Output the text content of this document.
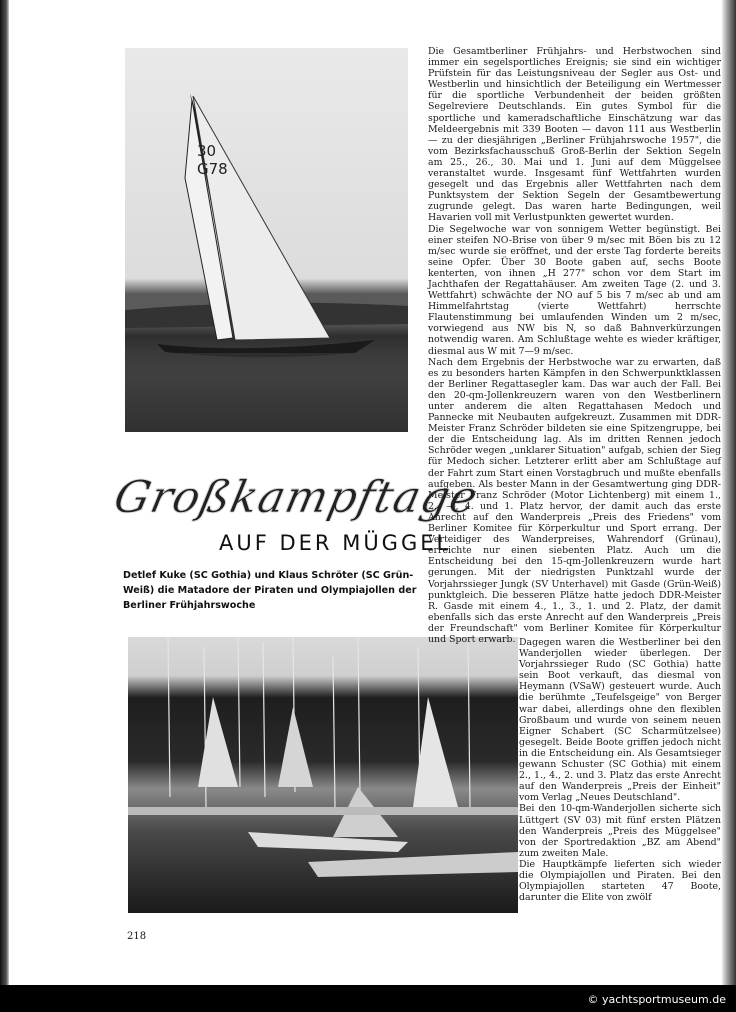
30
G78
Großkampftage
AUF DER MÜGGEL
Detlef Kuke (SC Gothia) und Klaus Schröter (SC Grün-Weiß) die Matadore der Piraten und Olympiajollen der Berliner Frühjahrswoche

Die Gesamtberliner Frühjahrs- und Herbstwochen sind immer ein segelsportliches Ereignis; sie sind ein wichtiger Prüfstein für das Leistungsniveau der Segler aus Ost- und Westberlin und hinsichtlich der Beteiligung ein Wertmesser für die sportliche Verbundenheit der beiden größten Segelreviere Deutschlands. Ein gutes Symbol für die sportliche und kameradschaftliche Einschätzung war das Meldeergebnis mit 339 Booten — davon 111 aus Westberlin — zu der diesjährigen „Berliner Frühjahrswoche 1957", die vom Bezirksfachausschuß Groß-Berlin der Sektion Segeln am 25., 26., 30. Mai und 1. Juni auf dem Müggelsee veranstaltet wurde. Insgesamt fünf Wettfahrten wurden gesegelt und das Ergebnis aller Wettfahrten nach dem Punktsystem der Sektion Segeln der Gesamtbewertung zugrunde gelegt. Das waren harte Bedingungen, weil Havarien voll mit Verlustpunkten gewertet wurden.

Die Segelwoche war von sonnigem Wetter begünstigt. Bei einer steifen NO-Brise von über 9 m/sec mit Böen bis zu 12 m/sec wurde sie eröffnet, und der erste Tag forderte bereits seine Opfer. Über 30 Boote gaben auf, sechs Boote kenterten, von ihnen „H 277" schon vor dem Start im Jachthafen der Regattahäuser. Am zweiten Tage (2. und 3. Wettfahrt) schwächte der NO auf 5 bis 7 m/sec ab und am Himmelfahrtstag (vierte Wettfahrt) herrschte Flautenstimmung bei umlaufenden Winden um 2 m/sec, vorwiegend aus NW bis N, so daß Bahnverkürzungen notwendig waren. Am Schlußtage wehte es wieder kräftiger, diesmal aus W mit 7—9 m/sec.

Nach dem Ergebnis der Herbstwoche war zu erwarten, daß es zu besonders harten Kämpfen in den Schwerpunktklassen der Berliner Regattasegler kam. Das war auch der Fall. Bei den 20-qm-Jollenkreuzern waren von den Westberlinern unter anderem die alten Regattahasen Medoch und Pannecke mit Neubauten aufgekreuzt. Zusammen mit DDR-Meister Franz Schröder bildeten sie eine Spitzengruppe, bei der die Entscheidung lag. Als im dritten Rennen jedoch Schröder wegen „unklarer Situation" aufgab, schien der Sieg für Medoch sicher. Letzterer erlitt aber am Schlußtage auf der Fahrt zum Start einen Vorstagbruch und mußte ebenfalls aufgeben. Als bester Mann in der Gesamtwertung ging DDR-Meister Franz Schröder (Motor Lichtenberg) mit einem 1., 2., —, 4. und 1. Platz hervor, der damit auch das erste Anrecht auf den Wanderpreis „Preis des Friedens" vom Berliner Komitee für Körperkultur und Sport errang. Der Verteidiger des Wanderpreises, Wahrendorf (Grünau), erreichte nur einen siebenten Platz. Auch um die Entscheidung bei den 15-qm-Jollenkreuzern wurde hart gerungen. Mit der niedrigsten Punktzahl wurde der Vorjahrssieger Jungk (SV Unterhavel) mit Gasde (Grün-Weiß) punktgleich. Die besseren Plätze hatte jedoch DDR-Meister R. Gasde mit einem 4., 1., 3., 1. und 2. Platz, der damit ebenfalls sich das erste Anrecht auf den Wanderpreis „Preis der Freundschaft" vom Berliner Komitee für Körperkultur und Sport erwarb. Dagegen waren die Westberliner bei den Wanderjollen wieder überlegen. Der Vorjahrssieger Rudo (SC Gothia) hatte sein Boot verkauft, das diesmal von Heymann (VSaW) gesteuert wurde. Auch die berühmte „Teufelsgeige" von Berger war dabei, allerdings ohne den flexiblen Großbaum und wurde von seinem neuen Eigner Schabert (SC Scharmützelsee) gesegelt. Beide Boote griffen jedoch nicht in die Entscheidung ein. Als Gesamtsieger gewann Schuster (SC Gothia) mit einem 2., 1., 4., 2. und 3. Platz das erste Anrecht auf den Wanderpreis „Preis der Einheit" vom Verlag „Neues Deutschland".

Bei den 10-qm-Wanderjollen sicherte sich Lüttgert (SV 03) mit fünf ersten Plätzen den Wanderpreis „Preis des Müggelsee" von der Sportredaktion „BZ am Abend" zum zweiten Male.

Die Hauptkämpfe lieferten sich wieder die Olympiajollen und Piraten. Bei den Olympiajollen starteten 47 Boote, darunter die Elite von zwölf

218
© yachtsportmuseum.de
